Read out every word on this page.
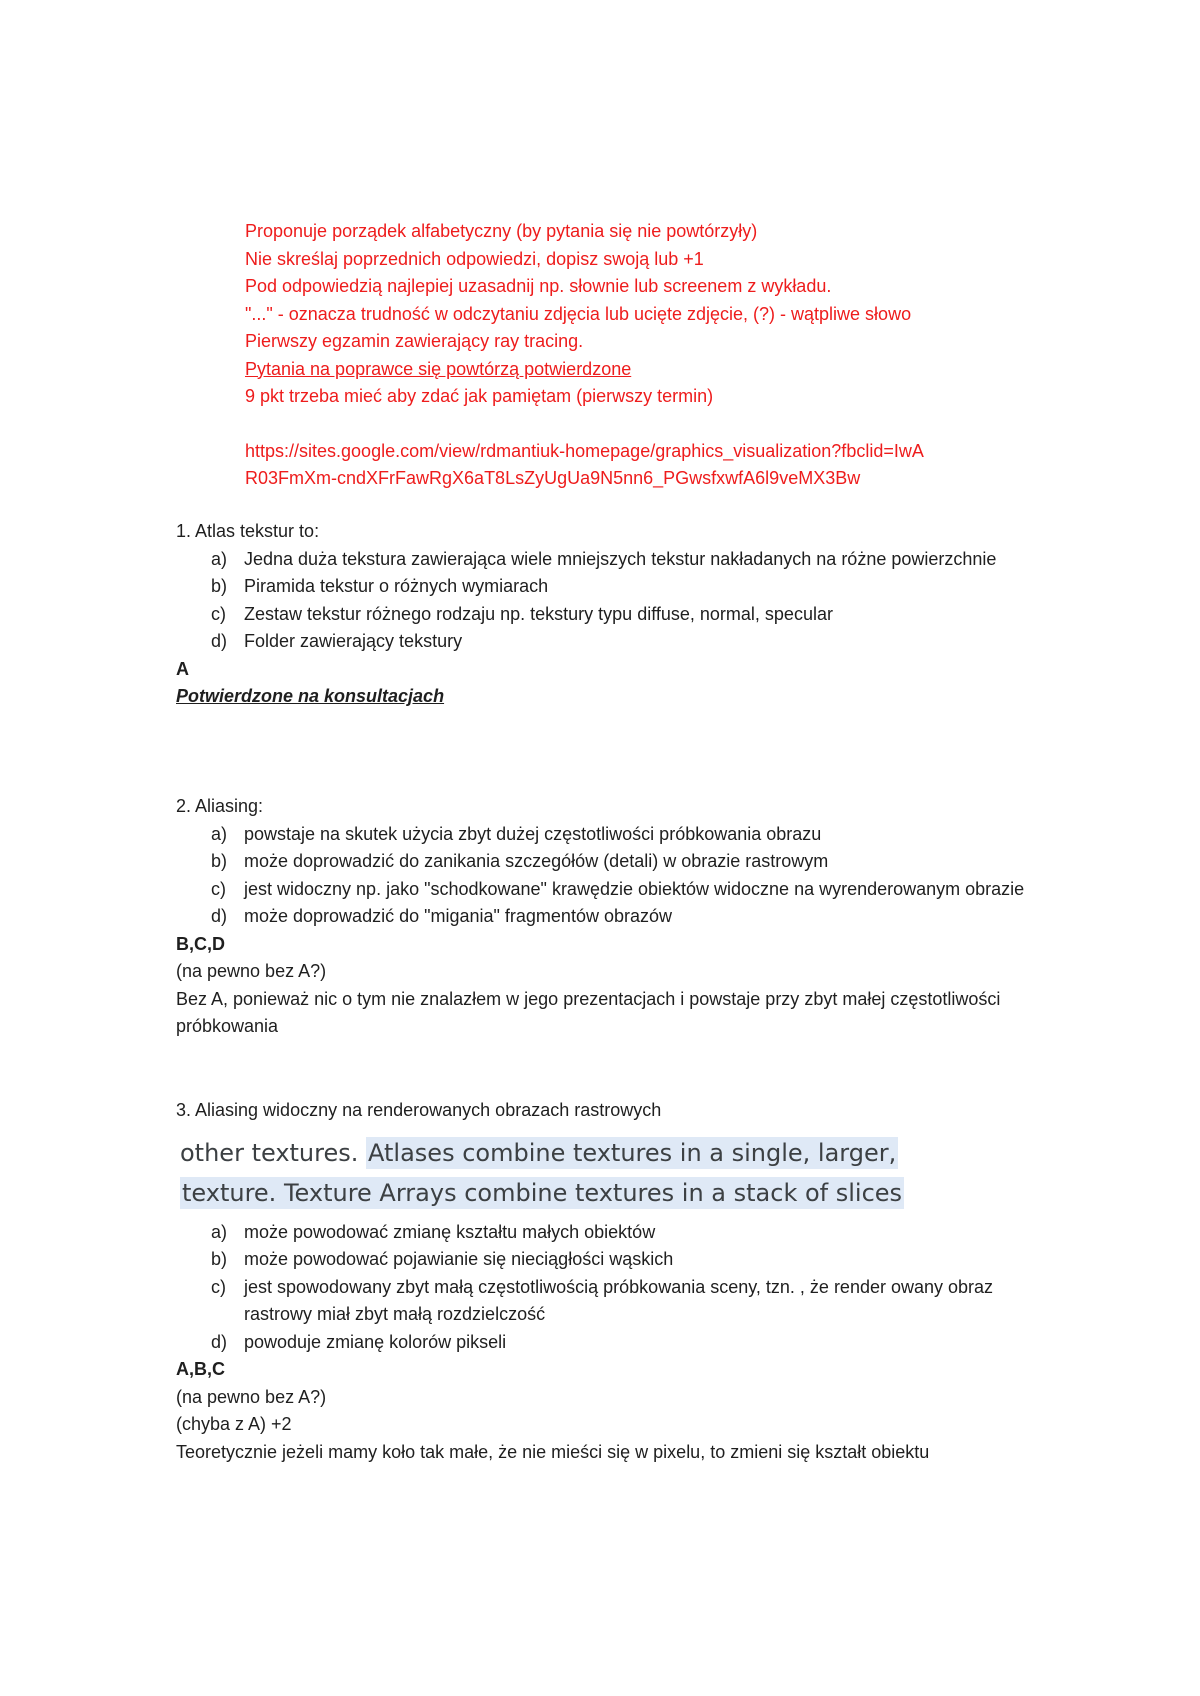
Proponuje porządek alfabetyczny (by pytania się nie powtórzyły)
Nie skreślaj poprzednich odpowiedzi, dopisz swoją lub +1
Pod odpowiedzią najlepiej uzasadnij np. słownie lub screenem z wykładu.
"..." - oznacza trudność w odczytaniu zdjęcia lub ucięte zdjęcie, (?) - wątpliwe słowo
Pierwszy egzamin zawierający ray tracing.
Pytania na poprawce się powtórzą potwierdzone
9 pkt trzeba mieć aby zdać jak pamiętam (pierwszy termin)
https://sites.google.com/view/rdmantiuk-homepage/graphics_visualization?fbclid=IwA
R03FmXm-cndXFrFawRgX6aT8LsZyUgUa9N5nn6_PGwsfxwfA6l9veMX3Bw
1. Atlas tekstur to:
a) Jedna duża tekstura zawierająca wiele mniejszych tekstur nakładanych na różne powierzchnie
b) Piramida tekstur o różnych wymiarach
c) Zestaw tekstur różnego rodzaju np. tekstury typu diffuse, normal, specular
d) Folder zawierający tekstury
A
Potwierdzone na konsultacjach
2. Aliasing:
a) powstaje na skutek użycia zbyt dużej częstotliwości próbkowania obrazu
b) może doprowadzić do zanikania szczegółów (detali) w obrazie rastrowym
c) jest widoczny np. jako "schodkowane" krawędzie obiektów widoczne na wyrenderowanym obrazie
d) może doprowadzić do "migania" fragmentów obrazów
B,C,D
(na pewno bez A?)
Bez A, ponieważ nic o tym nie znalazłem w jego prezentacjach i powstaje przy zbyt małej częstotliwości próbkowania
3. Aliasing widoczny na renderowanych obrazach rastrowych
other textures. Atlases combine textures in a single, larger,
texture. Texture Arrays combine textures in a stack of slices
a) może powodować zmianę kształtu małych obiektów
b) może powodować pojawianie się nieciągłości wąskich
c) jest spowodowany zbyt małą częstotliwością próbkowania sceny, tzn. , że render owany obraz rastrowy miał zbyt małą rozdzielczość
d) powoduje zmianę kolorów pikseli
A,B,C
(na pewno bez A?)
(chyba z A) +2
Teoretycznie jeżeli mamy koło tak małe, że nie mieści się w pixelu, to zmieni się kształt obiektu
